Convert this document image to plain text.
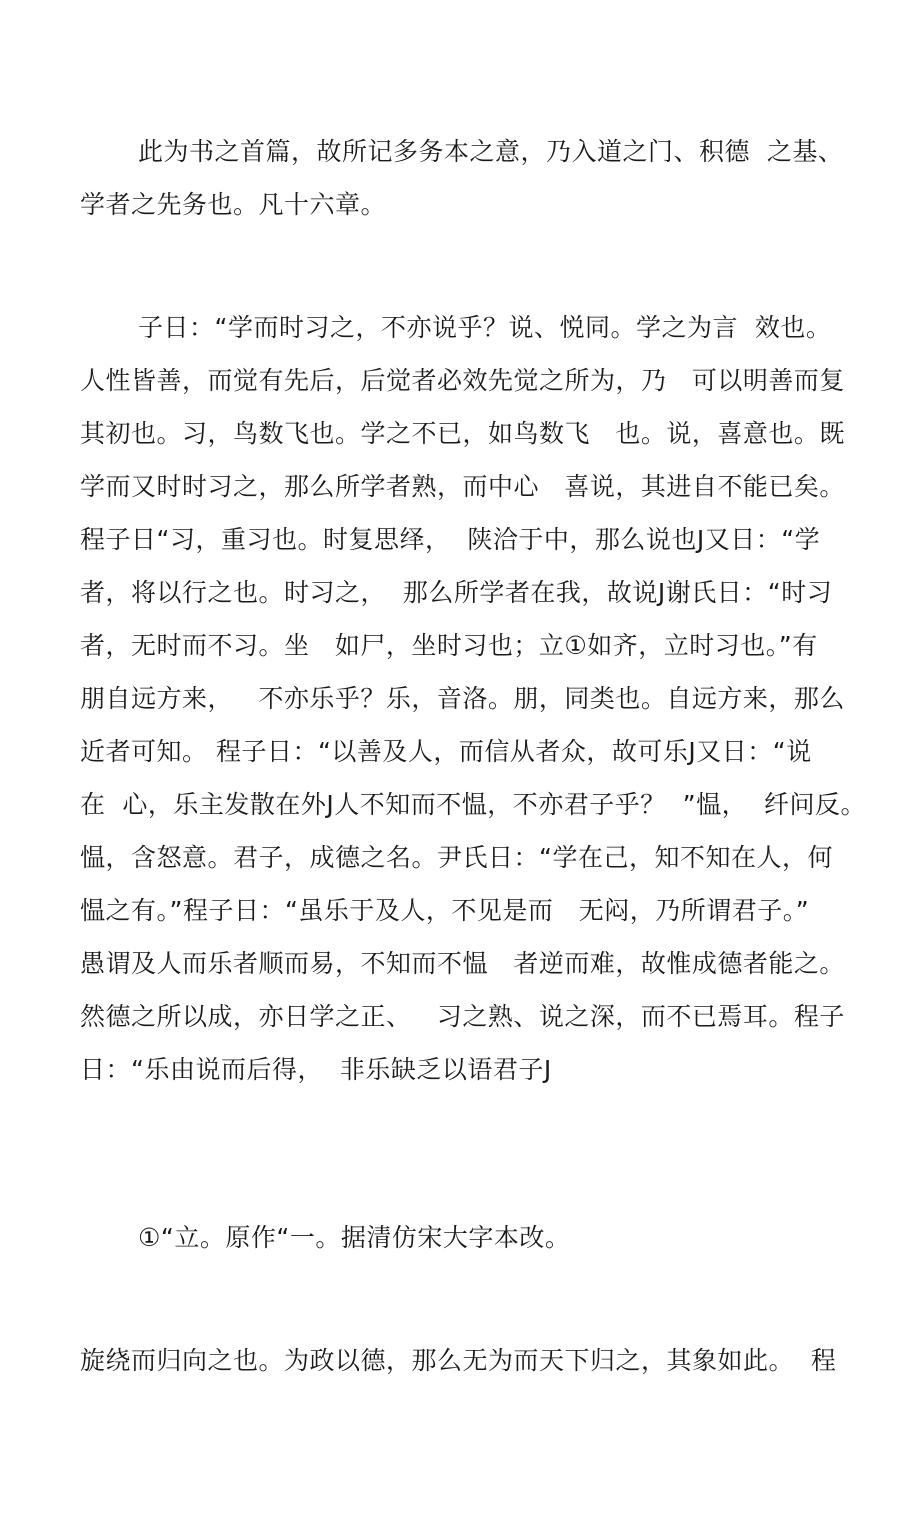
此为书之首篇，故所记多务本之意，乃入道之门、积德  之基、
学者之先务也。凡十六章。
子日：“学而时习之，不亦说乎？说、悦同。学之为言  效也。
人性皆善，而觉有先后，后觉者必效先觉之所为，乃   可以明善而复
其初也。习，鸟数飞也。学之不已，如鸟数飞   也。说，喜意也。既
学而又时时习之，那么所学者熟，而中心   喜说，其进自不能已矣。
程子日“习，重习也。时复思绎，  陕洽于中，那么说也J又日：“学
者，将以行之也。时习之，  那么所学者在我，故说J谢氏日：“时习
者，无时而不习。坐   如尸，坐时习也；立①如齐，立时习也。”有
朋自远方来，   不亦乐乎？乐，音洛。朋，同类也。自远方来，那么
近者可知。 程子日：“以善及人，而信从者众，故可乐J又日：“说
在  心，乐主发散在外J人不知而不愠，不亦君子乎？  ”愠，  纤问反。
愠，含怒意。君子，成德之名。尹氏日：“学在己，知不知在人，何
愠之有。”程子日：“虽乐于及人，不见是而   无闷，乃所谓君子。”
愚谓及人而乐者顺而易，不知而不愠   者逆而难，故惟成德者能之。
然德之所以成，亦日学之正、   习之熟、说之深，而不已焉耳。程子
日：“乐由说而后得，  非乐缺乏以语君子J
①“立。原作“一。据清仿宋大字本改。
旋绕而归向之也。为政以德，那么无为而天下归之，其象如此。  程
